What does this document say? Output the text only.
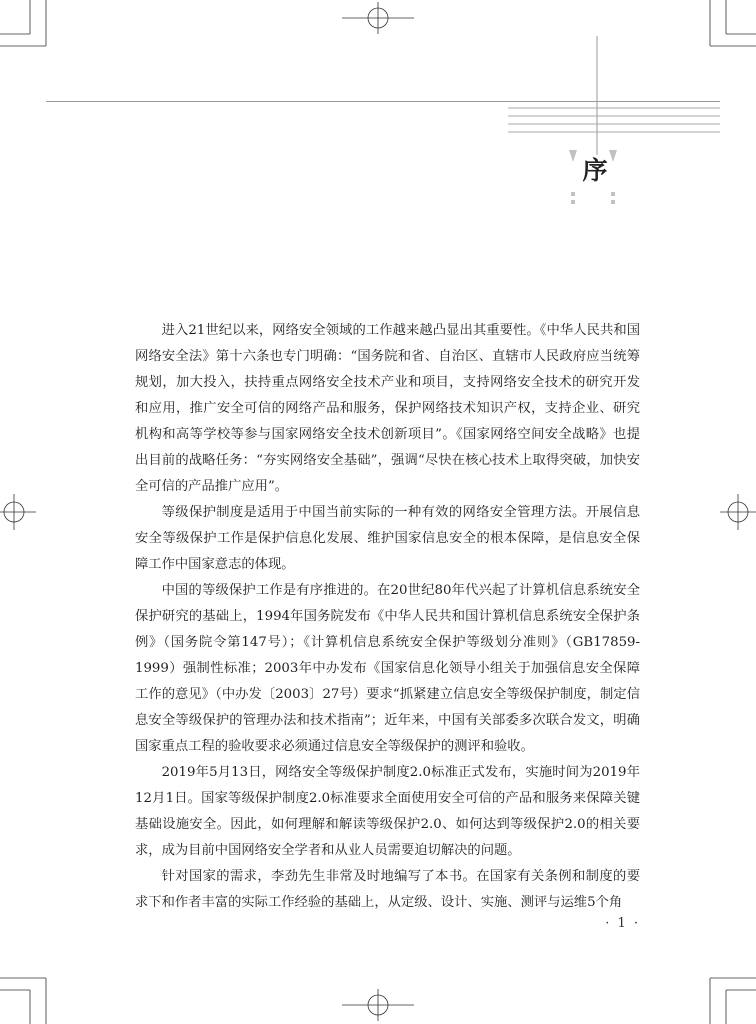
序

进入21世纪以来，网络安全领域的工作越来越凸显出其重要性。《中华人民共和国网络安全法》第十六条也专门明确：“国务院和省、自治区、直辖市人民政府应当统筹规划，加大投入，扶持重点网络安全技术产业和项目，支持网络安全技术的研究开发和应用，推广安全可信的网络产品和服务，保护网络技术知识产权，支持企业、研究机构和高等学校等参与国家网络安全技术创新项目”。《国家网络空间安全战略》也提出目前的战略任务：“夯实网络安全基础”，强调“尽快在核心技术上取得突破，加快安全可信的产品推广应用”。

等级保护制度是适用于中国当前实际的一种有效的网络安全管理方法。开展信息安全等级保护工作是保护信息化发展、维护国家信息安全的根本保障，是信息安全保障工作中国家意志的体现。

中国的等级保护工作是有序推进的。在20世纪80年代兴起了计算机信息系统安全保护研究的基础上，1994年国务院发布《中华人民共和国计算机信息系统安全保护条例》（国务院令第147号）；《计算机信息系统安全保护等级划分准则》（GB17859-1999）强制性标准；2003年中办发布《国家信息化领导小组关于加强信息安全保障工作的意见》（中办发〔2003〕27号）要求“抓紧建立信息安全等级保护制度，制定信息安全等级保护的管理办法和技术指南”；近年来，中国有关部委多次联合发文，明确国家重点工程的验收要求必须通过信息安全等级保护的测评和验收。

2019年5月13日，网络安全等级保护制度2.0标准正式发布，实施时间为2019年12月1日。国家等级保护制度2.0标准要求全面使用安全可信的产品和服务来保障关键基础设施安全。因此，如何理解和解读等级保护2.0、如何达到等级保护2.0的相关要求，成为目前中国网络安全学者和从业人员需要迫切解决的问题。

针对国家的需求，李劲先生非常及时地编写了本书。在国家有关条例和制度的要求下和作者丰富的实际工作经验的基础上，从定级、设计、实施、测评与运维5个角

· 1 ·
